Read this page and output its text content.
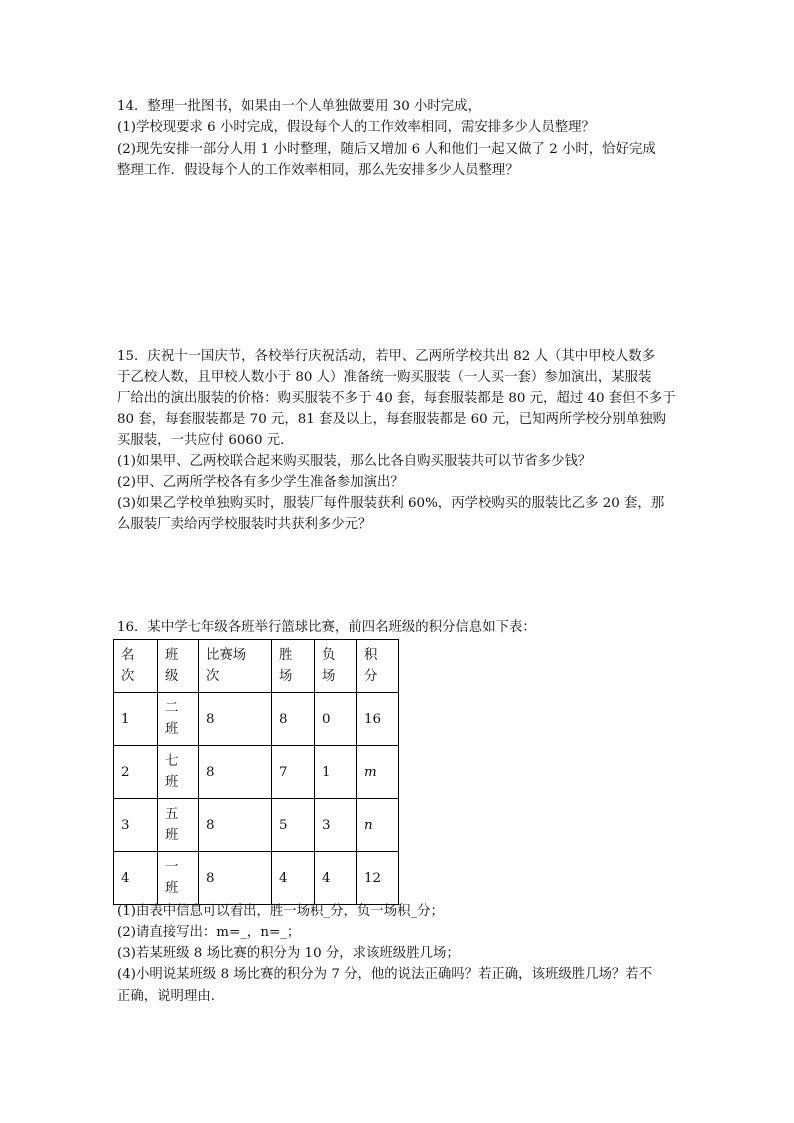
14．整理一批图书，如果由一个人单独做要用 30 小时完成，
(1)学校现要求 6 小时完成，假设每个人的工作效率相同，需安排多少人员整理？
(2)现先安排一部分人用 1 小时整理，随后又增加 6 人和他们一起又做了 2 小时，恰好完成
整理工作．假设每个人的工作效率相同，那么先安排多少人员整理？
15．庆祝十一国庆节，各校举行庆祝活动，若甲、乙两所学校共出 82 人（其中甲校人数多
于乙校人数，且甲校人数小于 80 人）准备统一购买服装（一人买一套）参加演出，某服装
厂给出的演出服装的价格：购买服装不多于 40 套，每套服装都是 80 元，超过 40 套但不多于
80 套，每套服装都是 70 元，81 套及以上，每套服装都是 60 元，已知两所学校分别单独购
买服装，一共应付 6060 元．
(1)如果甲、乙两校联合起来购买服装，那么比各自购买服装共可以节省多少钱？
(2)甲、乙两所学校各有多少学生准备参加演出？
(3)如果乙学校单独购买时，服装厂每件服装获利 60%，丙学校购买的服装比乙多 20 套，那
么服装厂卖给丙学校服装时共获利多少元？
16．某中学七年级各班举行篮球比赛，前四名班级的积分信息如下表：
名次	班级	比赛场次	胜场	负场	积分
1	二班	8	8	0	16
2	七班	8	7	1	m
3	五班	8	5	3	n
4	一班	8	4	4	12
(1)由表中信息可以看出，胜一场积_分，负一场积_分；
(2)请直接写出：m=_，n=_；
(3)若某班级 8 场比赛的积分为 10 分，求该班级胜几场；
(4)小明说某班级 8 场比赛的积分为 7 分，他的说法正确吗？若正确，该班级胜几场？若不
正确，说明理由．
